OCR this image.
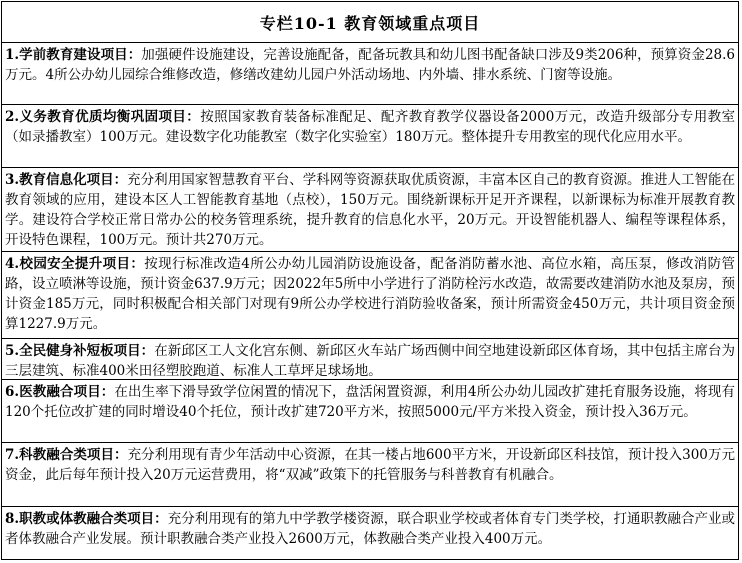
专栏10-1 教育领域重点项目
1.学前教育建设项目：加强硬件设施建设，完善设施配备，配备玩教具和幼儿图书配备缺口涉及9类206种，预算资金28.6万元。4所公办幼儿园综合维修改造，修缮改建幼儿园户外活动场地、内外墙、排水系统、门窗等设施。
2.义务教育优质均衡巩固项目：按照国家教育装备标准配足、配齐教育教学仪器设备2000万元，改造升级部分专用教室（如录播教室）100万元。建设数字化功能教室（数字化实验室）180万元。整体提升专用教室的现代化应用水平。
3.教育信息化项目：充分利用国家智慧教育平台、学科网等资源获取优质资源，丰富本区自己的教育资源。推进人工智能在教育领域的应用，建设本区人工智能教育基地（点校），150万元。围绕新课标开足开齐课程，以新课标为标准开展教育教学。建设符合学校正常日常办公的校务管理系统，提升教育的信息化水平，20万元。开设智能机器人、编程等课程体系，开设特色课程，100万元。预计共270万元。
4.校园安全提升项目：按现行标准改造4所公办幼儿园消防设施设备，配备消防蓄水池、高位水箱，高压泵，修改消防管路，设立喷淋等设施，预计资金637.9万元；因2022年5所中小学进行了消防栓污水改造，故需要改建消防水池及泵房，预计资金185万元，同时积极配合相关部门对现有9所公办学校进行消防验收备案，预计所需资金450万元，共计项目资金预算1227.9万元。
5.全民健身补短板项目：在新邱区工人文化宫东侧、新邱区火车站广场西侧中间空地建设新邱区体育场，其中包括主席台为三层建筑、标准400米田径塑胶跑道、标准人工草坪足球场地。
6.医教融合项目：在出生率下滑导致学位闲置的情况下，盘活闲置资源，利用4所公办幼儿园改扩建托育服务设施，将现有120个托位改扩建的同时增设40个托位，预计改扩建720平方米，按照5000元/平方米投入资金，预计投入36万元。
7.科教融合类项目：充分利用现有青少年活动中心资源，在其一楼占地600平方米，开设新邱区科技馆，预计投入300万元资金，此后每年预计投入20万元运营费用，将“双减”政策下的托管服务与科普教育有机融合。
8.职教或体教融合类项目：充分利用现有的第九中学教学楼资源，联合职业学校或者体育专门类学校，打通职教融合产业或者体教融合产业发展。预计职教融合类产业投入2600万元，体教融合类产业投入400万元。
